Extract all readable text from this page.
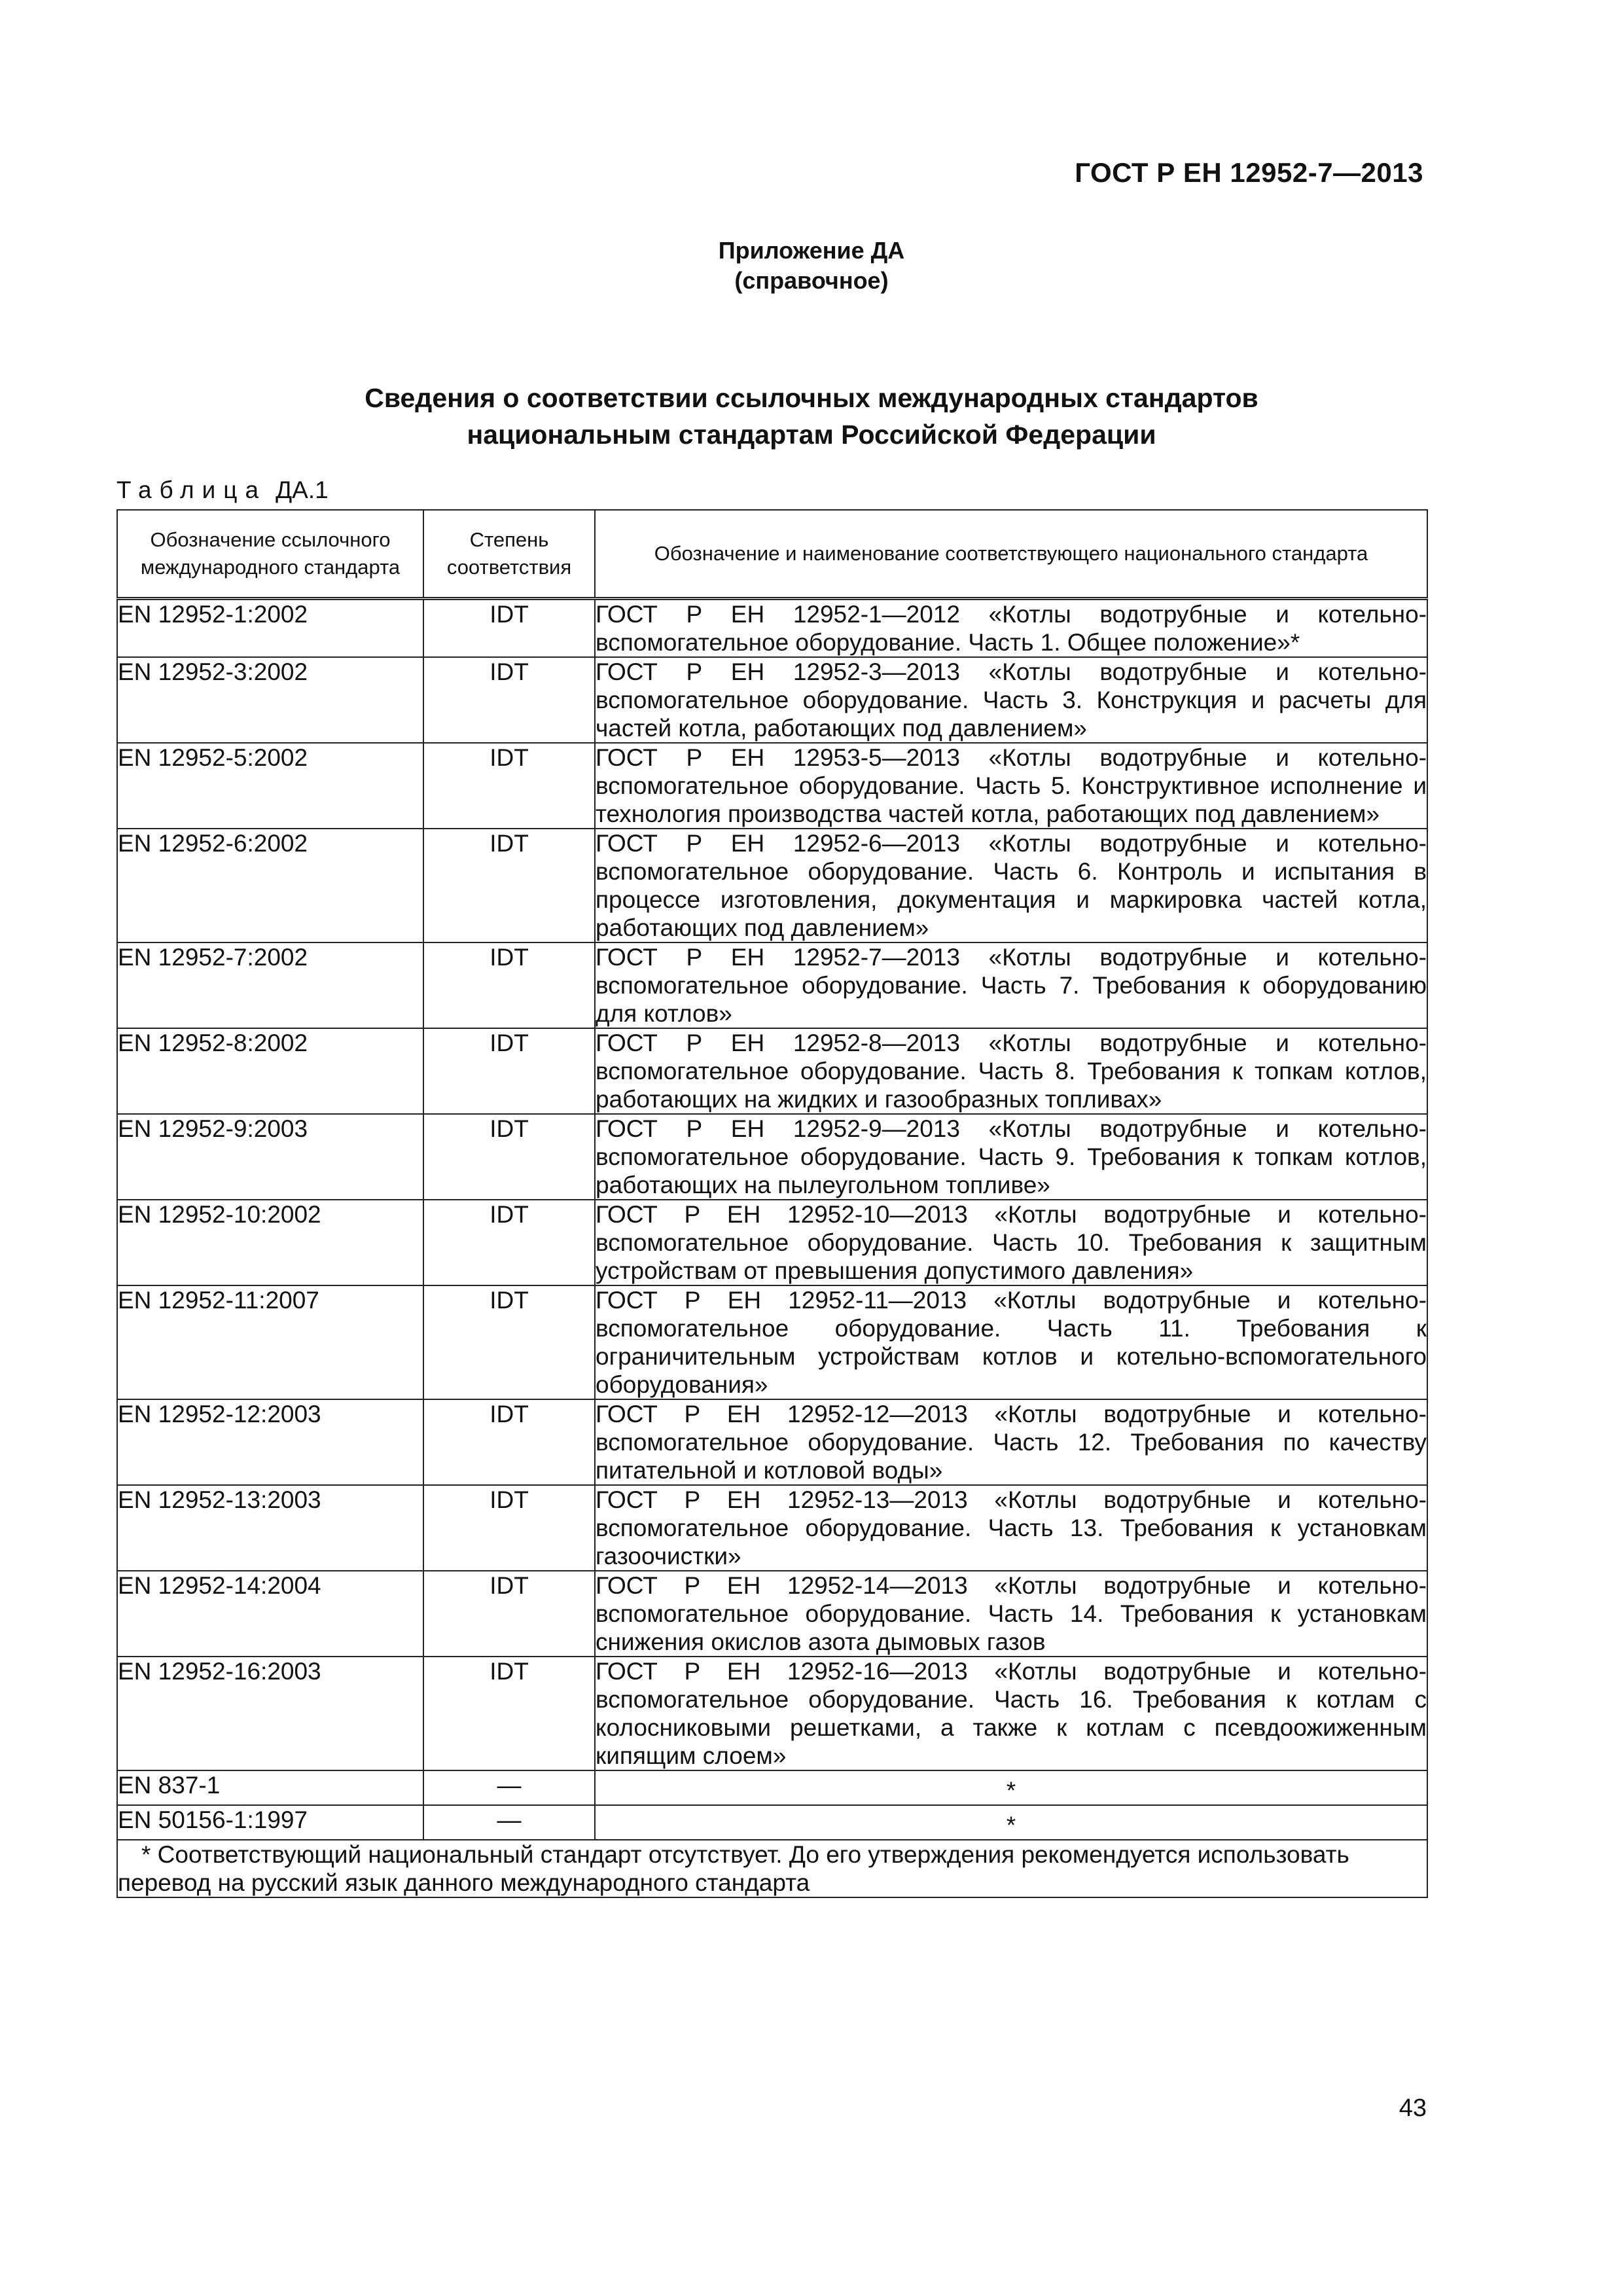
ГОСТ Р ЕН 12952-7—2013
Приложение ДА
(справочное)
Сведения о соответствии ссылочных международных стандартов
национальным стандартам Российской Федерации
Таблица ДА.1
Обозначение ссылочного международного стандарта	Степень соответствия	Обозначение и наименование соответствующего национального стандарта
EN 12952-1:2002	IDT	ГОСТ Р ЕН 12952-1—2012 «Котлы водотрубные и котельно-вспомогательное оборудование. Часть 1. Общее положение»*
EN 12952-3:2002	IDT	ГОСТ Р ЕН 12952-3—2013 «Котлы водотрубные и котельно-вспомогательное оборудование. Часть 3. Конструкция и расчеты для частей котла, работающих под давлением»
EN 12952-5:2002	IDT	ГОСТ Р ЕН 12953-5—2013 «Котлы водотрубные и котельно-вспомогательное оборудование. Часть 5. Конструктивное исполнение и технология производства частей котла, работающих под давлением»
EN 12952-6:2002	IDT	ГОСТ Р ЕН 12952-6—2013 «Котлы водотрубные и котельно-вспомогательное оборудование. Часть 6. Контроль и испытания в процессе изготовления, документация и маркировка частей котла, работающих под давлением»
EN 12952-7:2002	IDT	ГОСТ Р ЕН 12952-7—2013 «Котлы водотрубные и котельно-вспомогательное оборудование. Часть 7. Требования к оборудованию для котлов»
EN 12952-8:2002	IDT	ГОСТ Р ЕН 12952-8—2013 «Котлы водотрубные и котельно-вспомогательное оборудование. Часть 8. Требования к топкам котлов, работающих на жидких и газообразных топливах»
EN 12952-9:2003	IDT	ГОСТ Р ЕН 12952-9—2013 «Котлы водотрубные и котельно-вспомогательное оборудование. Часть 9. Требования к топкам котлов, работающих на пылеугольном топливе»
EN 12952-10:2002	IDT	ГОСТ Р ЕН 12952-10—2013 «Котлы водотрубные и котельно-вспомогательное оборудование. Часть 10. Требования к защитным устройствам от превышения допустимого давления»
EN 12952-11:2007	IDT	ГОСТ Р ЕН 12952-11—2013 «Котлы водотрубные и котельно-вспомогательное оборудование. Часть 11. Требования к ограничительным устройствам котлов и котельно-вспомогательного оборудования»
EN 12952-12:2003	IDT	ГОСТ Р ЕН 12952-12—2013 «Котлы водотрубные и котельно-вспомогательное оборудование. Часть 12. Требования по качеству питательной и котловой воды»
EN 12952-13:2003	IDT	ГОСТ Р ЕН 12952-13—2013 «Котлы водотрубные и котельно-вспомогательное оборудование. Часть 13. Требования к установкам газоочистки»
EN 12952-14:2004	IDT	ГОСТ Р ЕН 12952-14—2013 «Котлы водотрубные и котельно-вспомогательное оборудование. Часть 14. Требования к установкам снижения окислов азота дымовых газов
EN 12952-16:2003	IDT	ГОСТ Р ЕН 12952-16—2013 «Котлы водотрубные и котельно-вспомогательное оборудование. Часть 16. Требования к котлам с колосниковыми решетками, а также к котлам с псевдоожиженным кипящим слоем»
EN 837-1	—	*
EN 50156-1:1997	—	*

* Соответствующий национальный стандарт отсутствует. До его утверждения рекомендуется использовать
перевод на русский язык данного международного стандарта		
43
